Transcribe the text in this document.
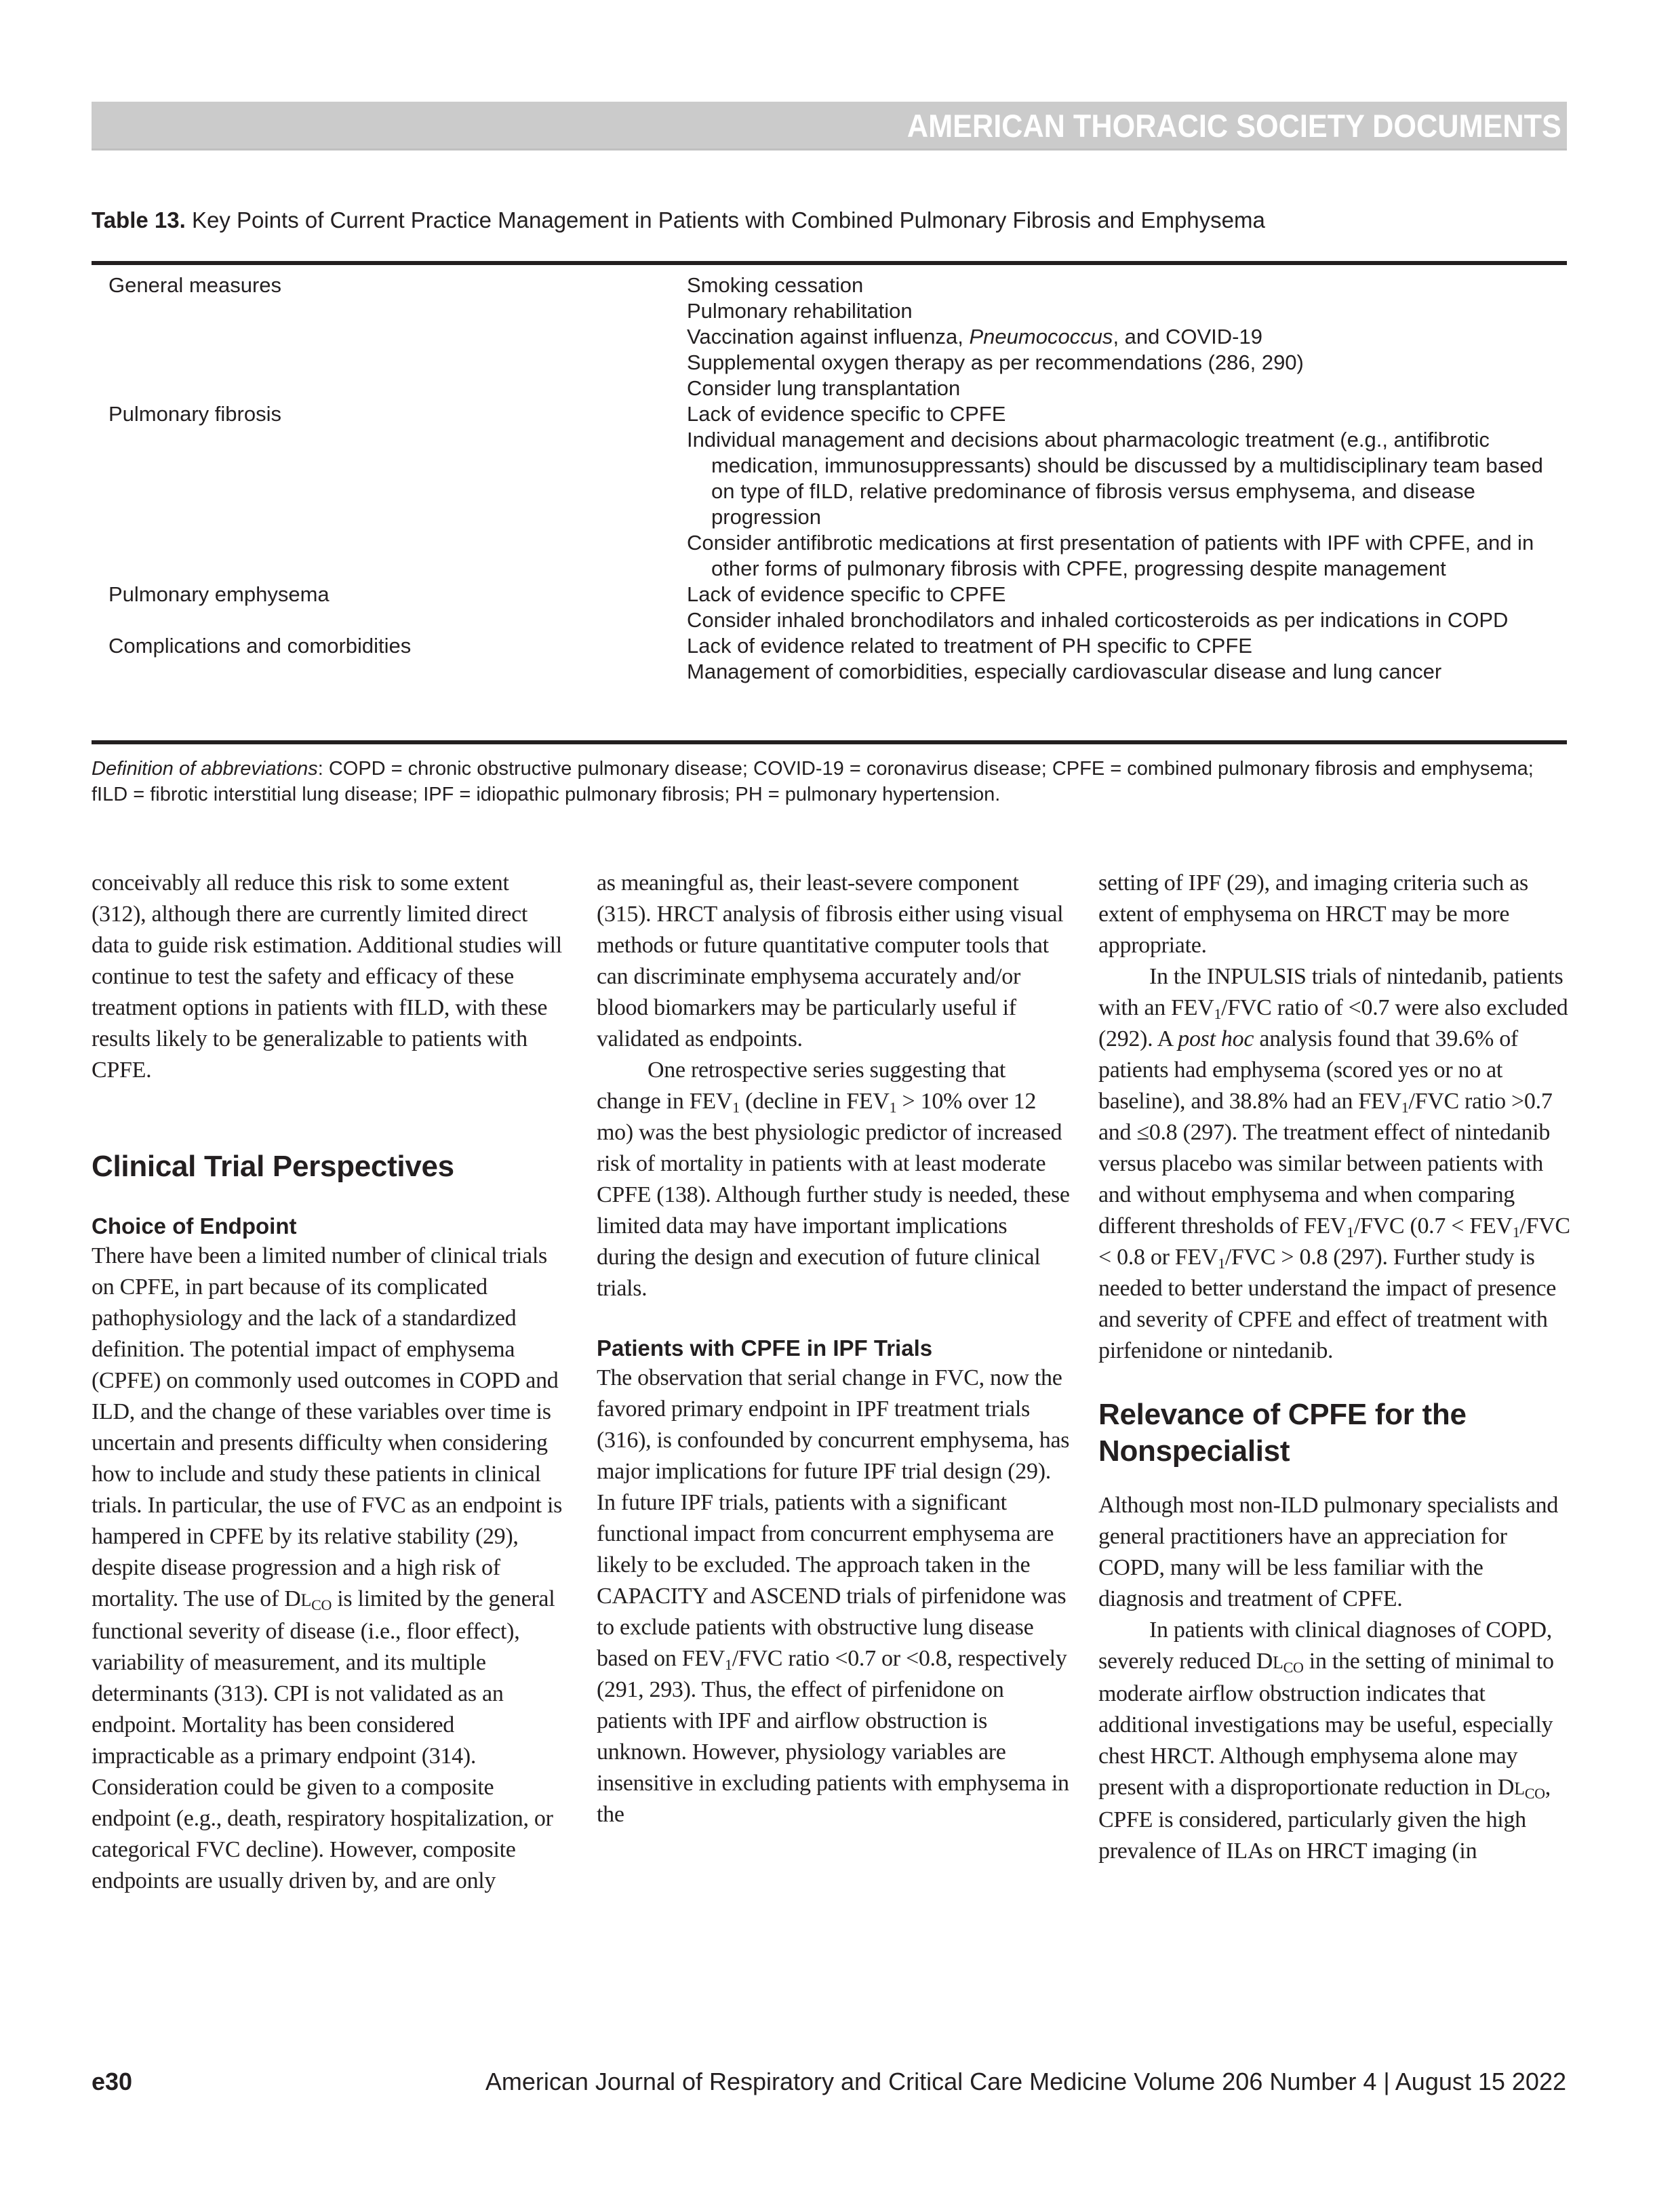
AMERICAN THORACIC SOCIETY DOCUMENTS
Table 13. Key Points of Current Practice Management in Patients with Combined Pulmonary Fibrosis and Emphysema
General measures	Smoking cessation
Pulmonary rehabilitation
Vaccination against influenza, Pneumococcus, and COVID-19
Supplemental oxygen therapy as per recommendations (286, 290)
Consider lung transplantation
Pulmonary fibrosis	Lack of evidence specific to CPFE
Individual management and decisions about pharmacologic treatment (e.g., antifibrotic medication, immunosuppressants) should be discussed by a multidisciplinary team based on type of fILD, relative predominance of fibrosis versus emphysema, and disease progression
Consider antifibrotic medications at first presentation of patients with IPF with CPFE, and in other forms of pulmonary fibrosis with CPFE, progressing despite management
Pulmonary emphysema	Lack of evidence specific to CPFE
Consider inhaled bronchodilators and inhaled corticosteroids as per indications in COPD
Complications and comorbidities	Lack of evidence related to treatment of PH specific to CPFE
Management of comorbidities, especially cardiovascular disease and lung cancer
Definition of abbreviations: COPD = chronic obstructive pulmonary disease; COVID-19 = coronavirus disease; CPFE = combined pulmonary fibrosis and emphysema; fILD = fibrotic interstitial lung disease; IPF = idiopathic pulmonary fibrosis; PH = pulmonary hypertension.

conceivably all reduce this risk to some extent (312), although there are currently limited direct data to guide risk estimation. Additional studies will continue to test the safety and efficacy of these treatment options in patients with fILD, with these results likely to be generalizable to patients with CPFE.

Clinical Trial Perspectives
Choice of Endpoint

There have been a limited number of clinical trials on CPFE, in part because of its complicated pathophysiology and the lack of a standardized definition. The potential impact of emphysema (CPFE) on commonly used outcomes in COPD and ILD, and the change of these variables over time is uncertain and presents difficulty when considering how to include and study these patients in clinical trials. In particular, the use of FVC as an endpoint is hampered in CPFE by its relative stability (29), despite disease progression and a high risk of mortality. The use of $DL_{CO}$ is limited by the general functional severity of disease (i.e., floor effect), variability of measurement, and its multiple determinants (313). CPI is not validated as an endpoint. Mortality has been considered impracticable as a primary endpoint (314). Consideration could be given to a composite endpoint (e.g., death, respiratory hospitalization, or categorical FVC decline). However, composite endpoints are usually driven by, and are only

as meaningful as, their least-severe component (315). HRCT analysis of fibrosis either using visual methods or future quantitative computer tools that can discriminate emphysema accurately and/or blood biomarkers may be particularly useful if validated as endpoints.

One retrospective series suggesting that change in $FEV_1$ (decline in $FEV_1 > 10\%$ over 12 mo) was the best physiologic predictor of increased risk of mortality in patients with at least moderate CPFE (138). Although further study is needed, these limited data may have important implications during the design and execution of future clinical trials.

Patients with CPFE in IPF Trials

The observation that serial change in FVC, now the favored primary endpoint in IPF treatment trials (316), is confounded by concurrent emphysema, has major implications for future IPF trial design (29). In future IPF trials, patients with a significant functional impact from concurrent emphysema are likely to be excluded. The approach taken in the CAPACITY and ASCEND trials of pirfenidone was to exclude patients with obstructive lung disease based on $FEV_1$/FVC ratio <0.7 or <0.8, respectively (291, 293). Thus, the effect of pirfenidone on patients with IPF and airflow obstruction is unknown. However, physiology variables are insensitive in excluding patients with emphysema in the

setting of IPF (29), and imaging criteria such as extent of emphysema on HRCT may be more appropriate.

In the INPULSIS trials of nintedanib, patients with an $FEV_1$/FVC ratio of <0.7 were also excluded (292). A post hoc analysis found that 39.6% of patients had emphysema (scored yes or no at baseline), and 38.8% had an $FEV_1$/FVC ratio >0.7 and ≤0.8 (297). The treatment effect of nintedanib versus placebo was similar between patients with and without emphysema and when comparing different thresholds of $FEV_1$/FVC ($0.7 < FEV_1$/FVC < 0.8 or $FEV_1$/FVC > 0.8 (297). Further study is needed to better understand the impact of presence and severity of CPFE and effect of treatment with pirfenidone or nintedanib.

Relevance of CPFE for the Nonspecialist

Although most non-ILD pulmonary specialists and general practitioners have an appreciation for COPD, many will be less familiar with the diagnosis and treatment of CPFE.

In patients with clinical diagnoses of COPD, severely reduced $DL_{CO}$ in the setting of minimal to moderate airflow obstruction indicates that additional investigations may be useful, especially chest HRCT. Although emphysema alone may present with a disproportionate reduction in $DL_{CO}$, CPFE is considered, particularly given the high prevalence of ILAs on HRCT imaging (in

e30	American Journal of Respiratory and Critical Care Medicine Volume 206 Number 4 | August 15 2022
